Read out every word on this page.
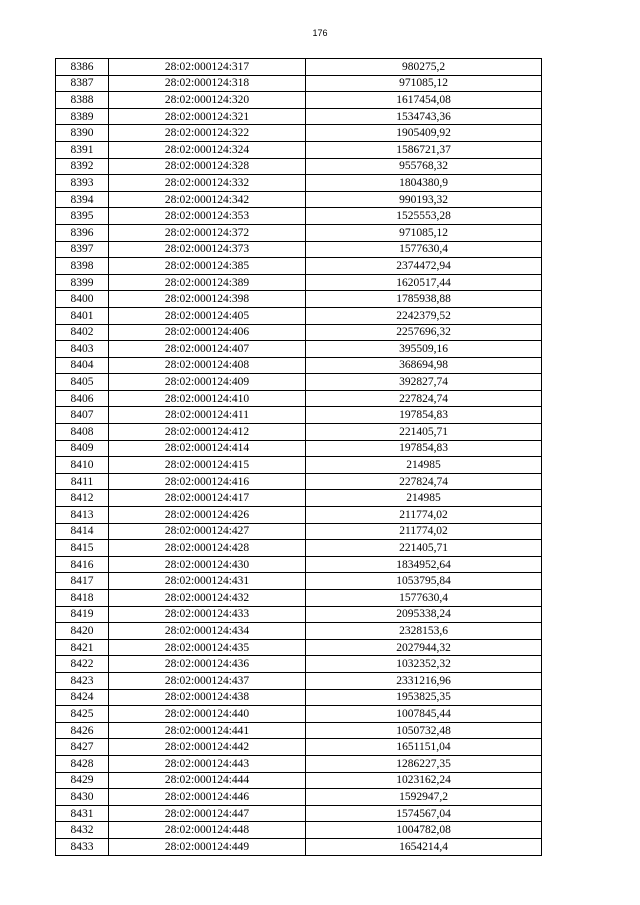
176
8386	28:02:000124:317	980275,2
8387	28:02:000124:318	971085,12
8388	28:02:000124:320	1617454,08
8389	28:02:000124:321	1534743,36
8390	28:02:000124:322	1905409,92
8391	28:02:000124:324	1586721,37
8392	28:02:000124:328	955768,32
8393	28:02:000124:332	1804380,9
8394	28:02:000124:342	990193,32
8395	28:02:000124:353	1525553,28
8396	28:02:000124:372	971085,12
8397	28:02:000124:373	1577630,4
8398	28:02:000124:385	2374472,94
8399	28:02:000124:389	1620517,44
8400	28:02:000124:398	1785938,88
8401	28:02:000124:405	2242379,52
8402	28:02:000124:406	2257696,32
8403	28:02:000124:407	395509,16
8404	28:02:000124:408	368694,98
8405	28:02:000124:409	392827,74
8406	28:02:000124:410	227824,74
8407	28:02:000124:411	197854,83
8408	28:02:000124:412	221405,71
8409	28:02:000124:414	197854,83
8410	28:02:000124:415	214985
8411	28:02:000124:416	227824,74
8412	28:02:000124:417	214985
8413	28:02:000124:426	211774,02
8414	28:02:000124:427	211774,02
8415	28:02:000124:428	221405,71
8416	28:02:000124:430	1834952,64
8417	28:02:000124:431	1053795,84
8418	28:02:000124:432	1577630,4
8419	28:02:000124:433	2095338,24
8420	28:02:000124:434	2328153,6
8421	28:02:000124:435	2027944,32
8422	28:02:000124:436	1032352,32
8423	28:02:000124:437	2331216,96
8424	28:02:000124:438	1953825,35
8425	28:02:000124:440	1007845,44
8426	28:02:000124:441	1050732,48
8427	28:02:000124:442	1651151,04
8428	28:02:000124:443	1286227,35
8429	28:02:000124:444	1023162,24
8430	28:02:000124:446	1592947,2
8431	28:02:000124:447	1574567,04
8432	28:02:000124:448	1004782,08
8433	28:02:000124:449	1654214,4
